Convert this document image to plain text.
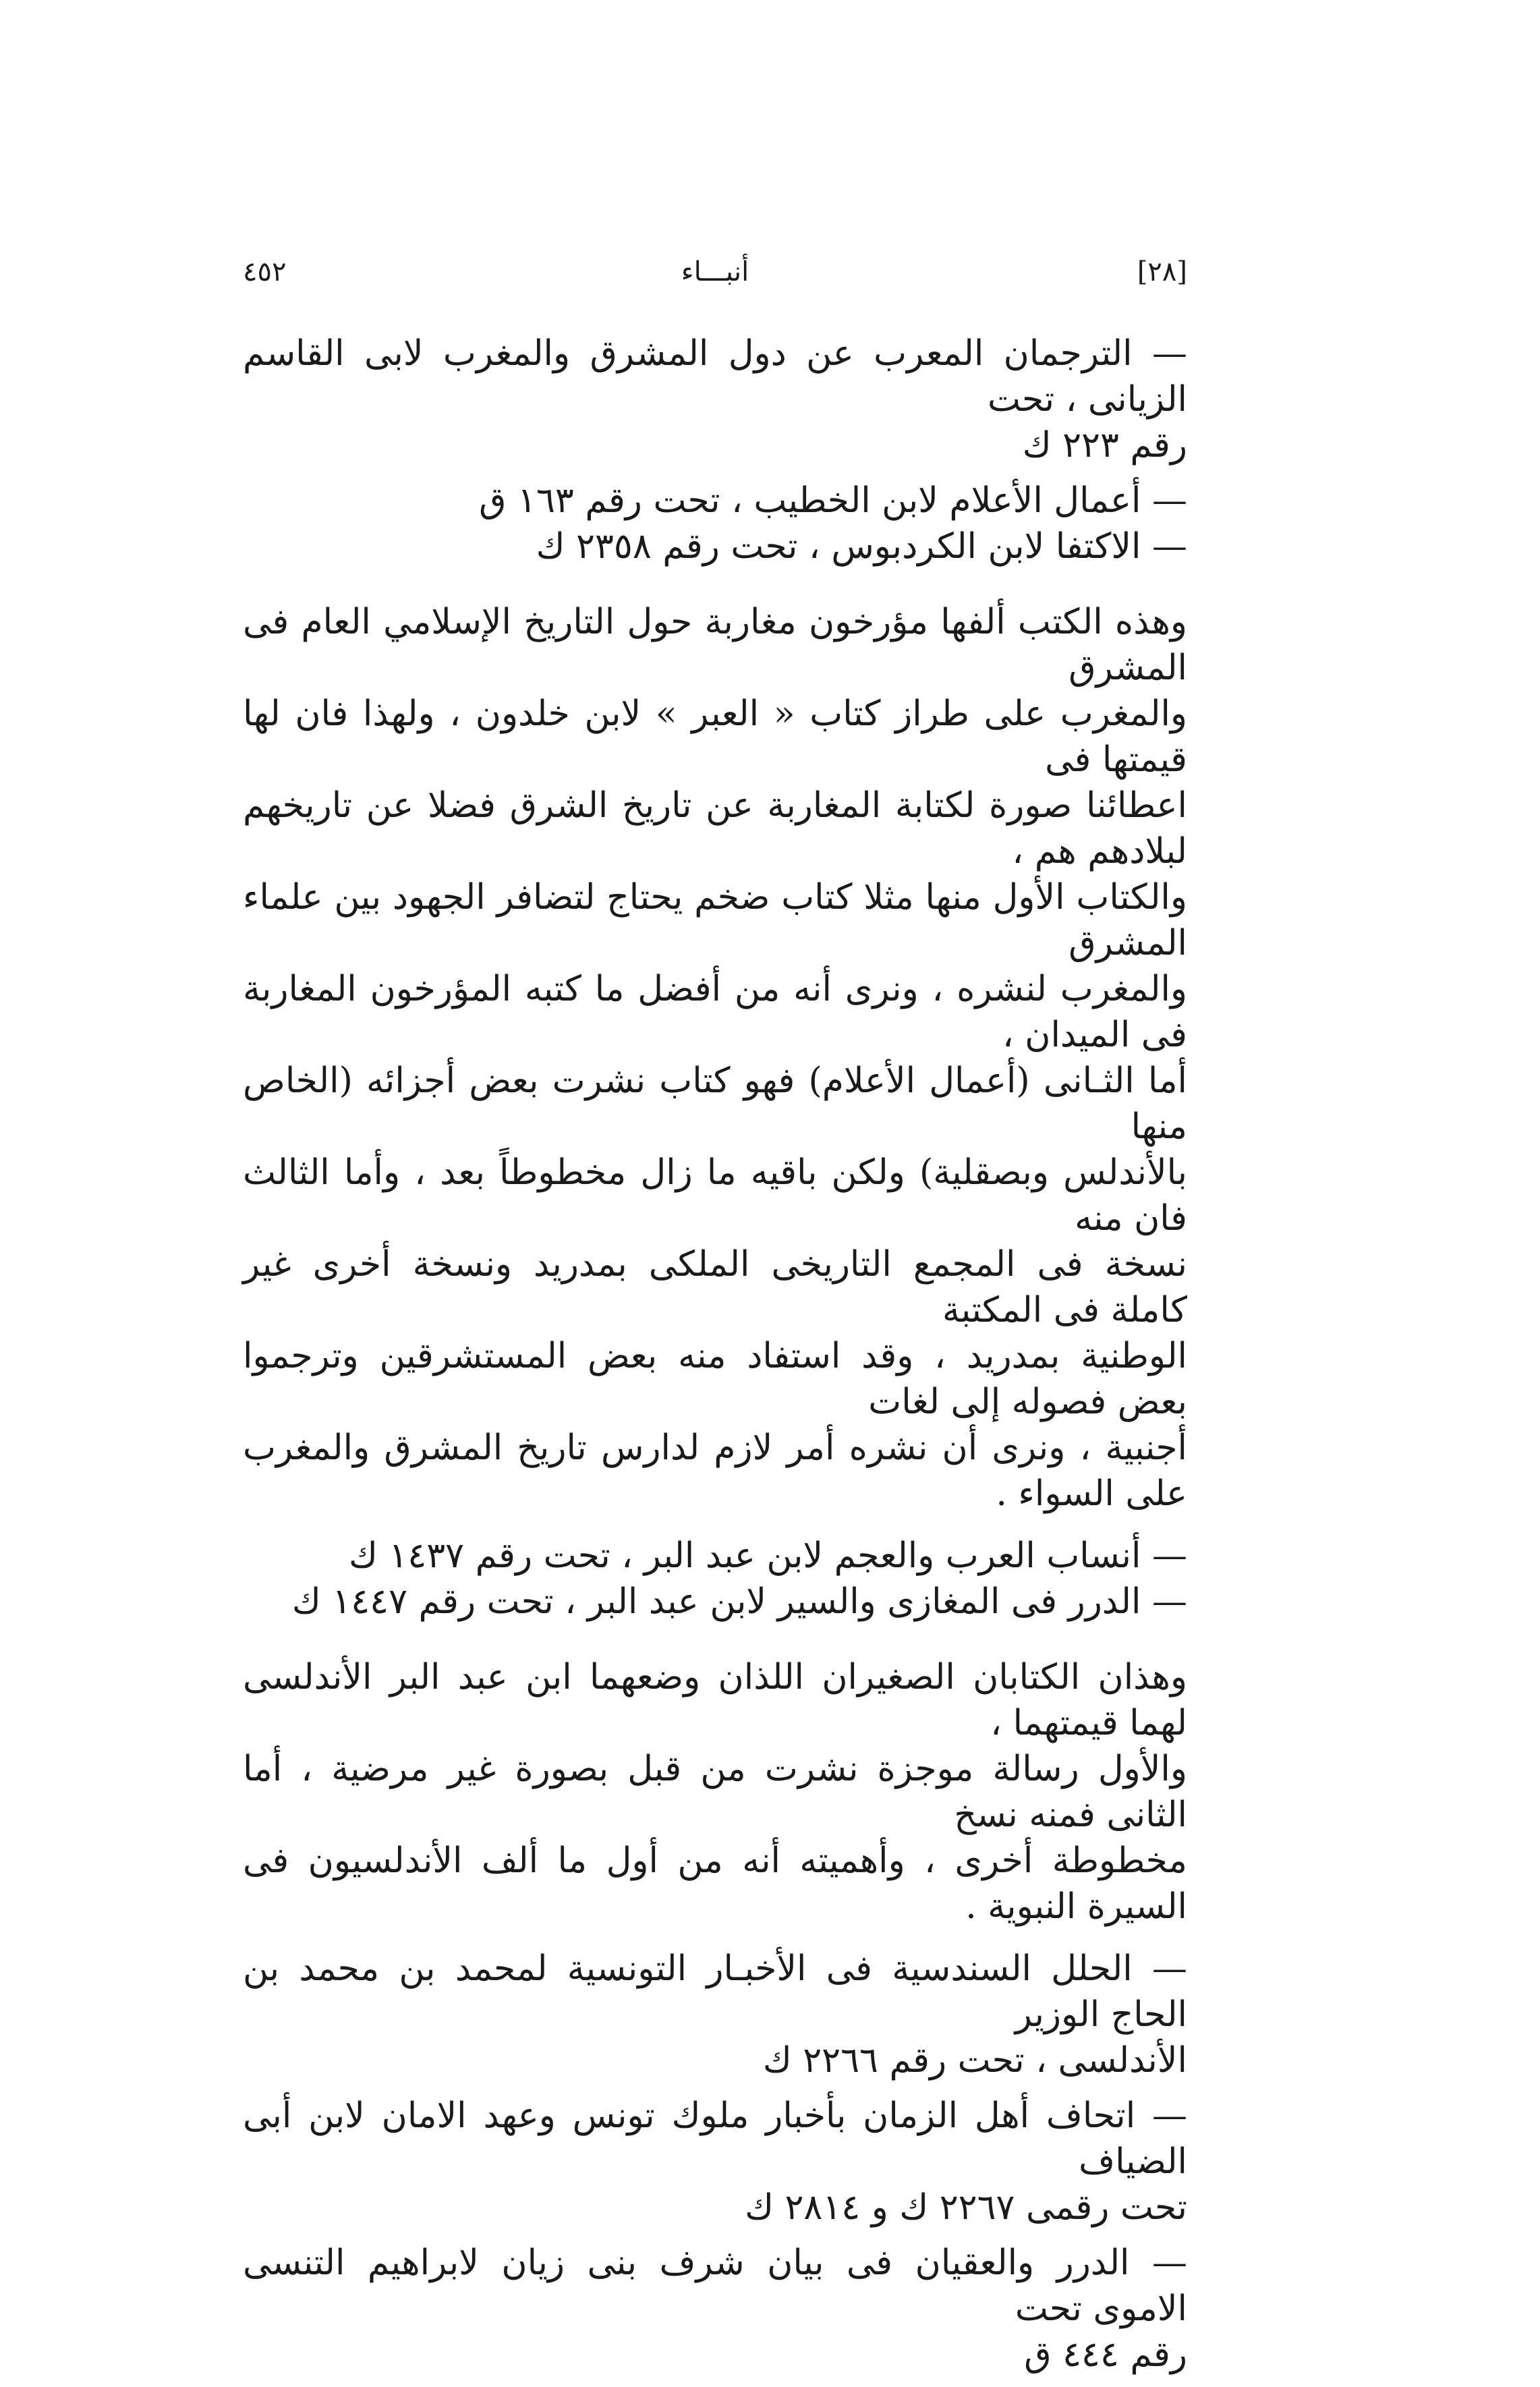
[٢٨]
أنبـــاء
٤٥٢
— الترجمان المعرب عن دول المشرق والمغرب لابى القاسم الزيانى ، تحت
رقم ٢٢٣ ك
— أعمال الأعلام لابن الخطيب ، تحت رقم ١٦٣ ق
— الاكتفا لابن الكردبوس ، تحت رقم ٢٣٥٨ ك
وهذه الكتب ألفها مؤرخون مغاربة حول التاريخ الإسلامي العام فى المشرق
والمغرب على طراز كتاب « العبر » لابن خلدون ، ولهذا فان لها قيمتها فى
اعطائنا صورة لكتابة المغاربة عن تاريخ الشرق فضلا عن تاريخهم لبلادهم هم ،
والكتاب الأول منها مثلا كتاب ضخم يحتاج لتضافر الجهود بين علماء المشرق
والمغرب لنشره ، ونرى أنه من أفضل ما كتبه المؤرخون المغاربة فى الميدان ،
أما الثـانى (أعمال الأعلام) فهو كتاب نشرت بعض أجزائه (الخاص منها
بالأندلس وبصقلية) ولكن باقيه ما زال مخطوطاً بعد ، وأما الثالث فان منه
نسخة فى المجمع التاريخى الملكى بمدريد ونسخة أخرى غير كاملة فى المكتبة
الوطنية بمدريد ، وقد استفاد منه بعض المستشرقين وترجموا بعض فصوله إلى لغات
أجنبية ، ونرى أن نشره أمر لازم لدارس تاريخ المشرق والمغرب على السواء .
— أنساب العرب والعجم لابن عبد البر ، تحت رقم ١٤٣٧ ك
— الدرر فى المغازى والسير لابن عبد البر ، تحت رقم ١٤٤٧ ك
وهذان الكتابان الصغيران اللذان وضعهما ابن عبد البر الأندلسى لهما قيمتهما ،
والأول رسالة موجزة نشرت من قبل بصورة غير مرضية ، أما الثانى فمنه نسخ
مخطوطة أخرى ، وأهميته أنه من أول ما ألف الأندلسيون فى السيرة النبوية .
— الحلل السندسية فى الأخبـار التونسية لمحمد بن محمد بن الحاج الوزير
الأندلسى ، تحت رقم ٢٢٦٦ ك
— اتحاف أهل الزمان بأخبار ملوك تونس وعهد الامان لابن أبى الضياف
تحت رقمى ٢٢٦٧ ك و ٢٨١٤ ك
— الدرر والعقيان فى بيان شرف بنى زيان لابراهيم التنسى الاموى تحت
رقم ٤٤٤ ق
